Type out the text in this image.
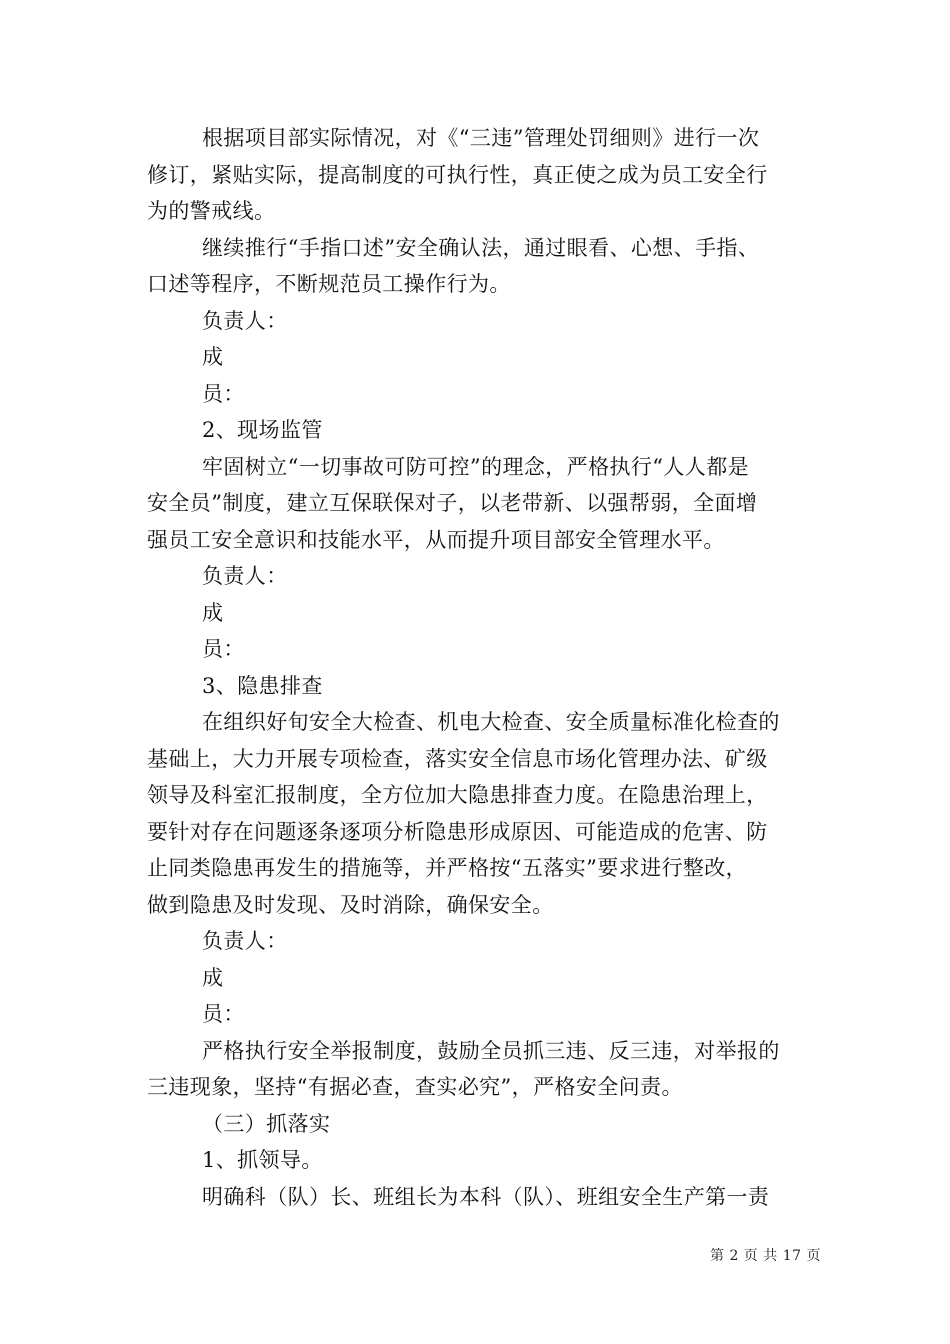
根据项目部实际情况，对《“三违”管理处罚细则》进行一次
修订，紧贴实际，提高制度的可执行性，真正使之成为员工安全行
为的警戒线。
继续推行“手指口述”安全确认法，通过眼看、心想、手指、
口述等程序，不断规范员工操作行为。
负责人：
成
员：
2、现场监管
牢固树立“一切事故可防可控”的理念，严格执行“人人都是
安全员”制度，建立互保联保对子，以老带新、以强帮弱，全面增
强员工安全意识和技能水平，从而提升项目部安全管理水平。
负责人：
成
员：
3、隐患排查
在组织好旬安全大检查、机电大检查、安全质量标准化检查的
基础上，大力开展专项检查，落实安全信息市场化管理办法、矿级
领导及科室汇报制度，全方位加大隐患排查力度。在隐患治理上，
要针对存在问题逐条逐项分析隐患形成原因、可能造成的危害、防
止同类隐患再发生的措施等，并严格按“五落实”要求进行整改，
做到隐患及时发现、及时消除，确保安全。
负责人：
成
员：
严格执行安全举报制度，鼓励全员抓三违、反三违，对举报的
三违现象，坚持“有据必查，查实必究”，严格安全问责。
（三）抓落实
1、抓领导。
明确科（队）长、班组长为本科（队）、班组安全生产第一责
第 2 页 共 17 页
